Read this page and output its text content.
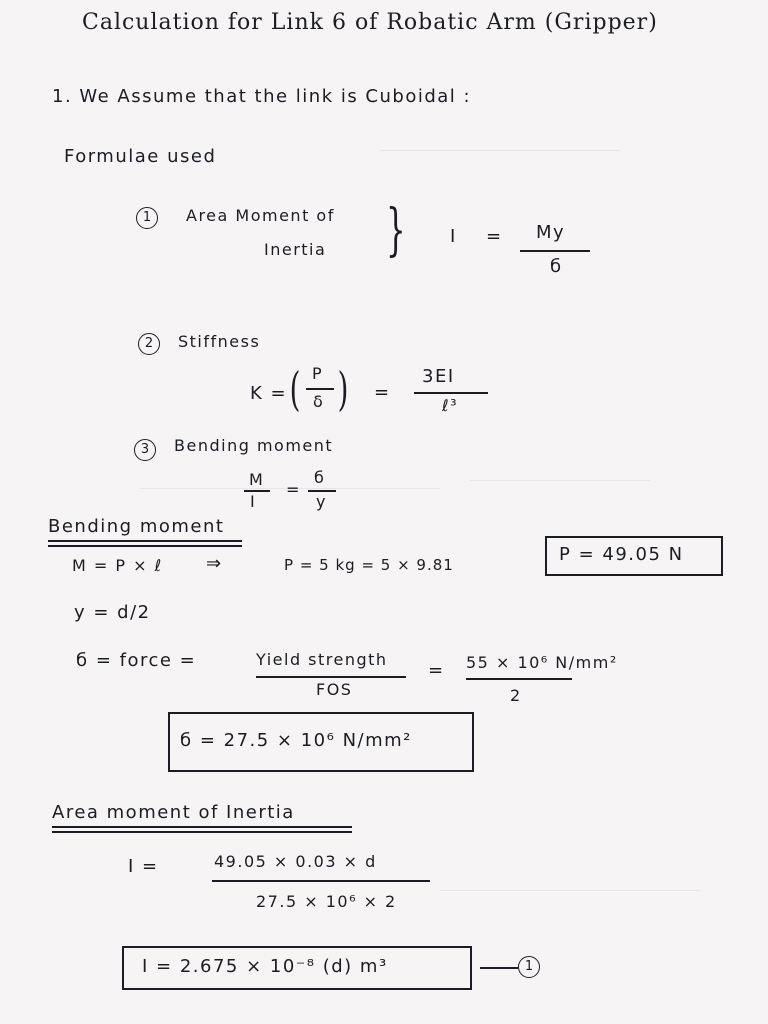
Calculation for Link 6 of Robatic Arm (Gripper)
1. We Assume that the link is Cuboidal :
Formulae used
1	Area Moment of
Inertia } I = My
б
2	Stiffness
K = ( P
δ ) =
3EI
ℓ³
3	Bending moment
M
I
=
б
y
Bending moment
M = P × ℓ ⇒	P = 5 kg = 5 × 9.81	P = 49.05 N
y = d/2
б = force =	Yield strength
FOS
= 55 × 10⁶ N/mm²
2
б = 27.5 × 10⁶ N/mm²
Area moment of Inertia
I =	49.05 × 0.03 × d
27.5 × 10⁶ × 2
I = 2.675 × 10⁻⁸ (d) m³	1
